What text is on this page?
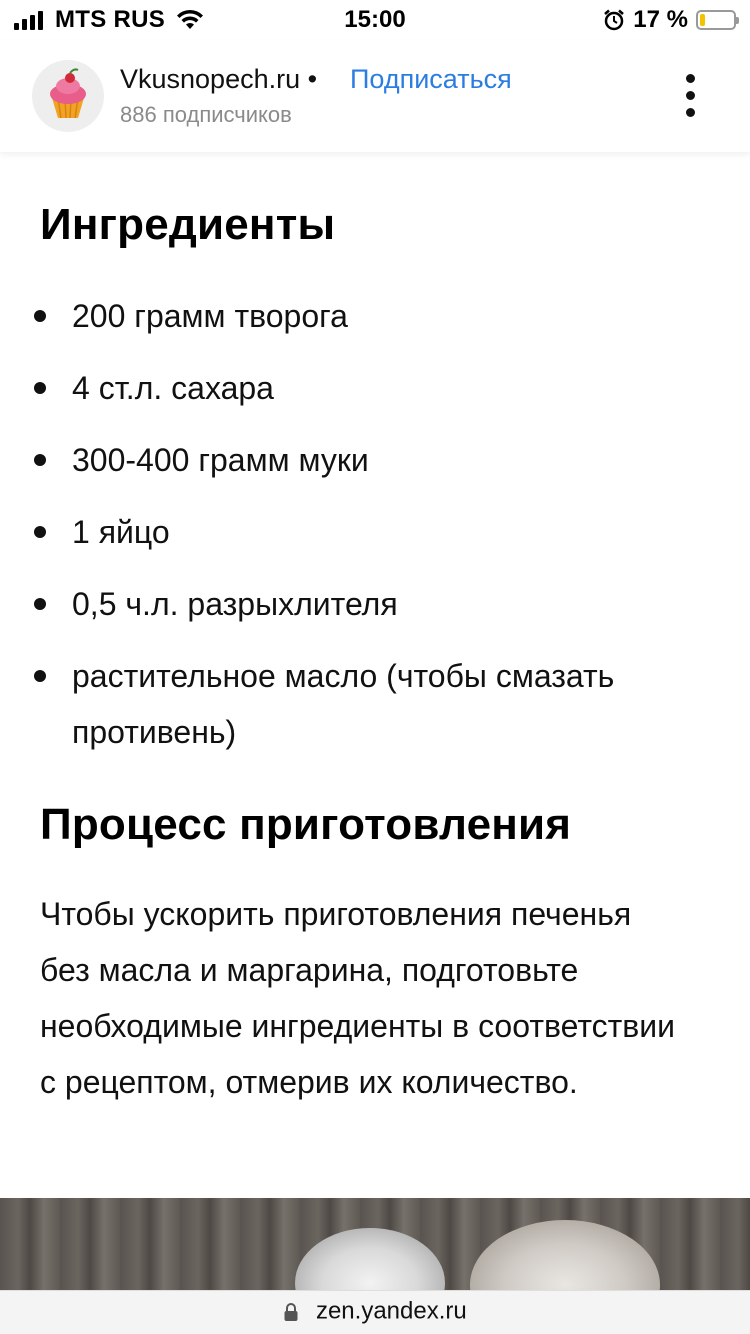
MTS RUS	15:00	17 %
Vkusnopech.ru • Подписаться
886 подписчиков
Ингредиенты
200 грамм творога
4 ст.л. сахара
300-400 грамм муки
1 яйцо
0,5 ч.л. разрыхлителя
растительное масло (чтобы смазать противень)
Процесс приготовления
Чтобы ускорить приготовления печенья без масла и маргарина, подготовьте необходимые ингредиенты в соответствии с рецептом, отмерив их количество.
zen.yandex.ru
